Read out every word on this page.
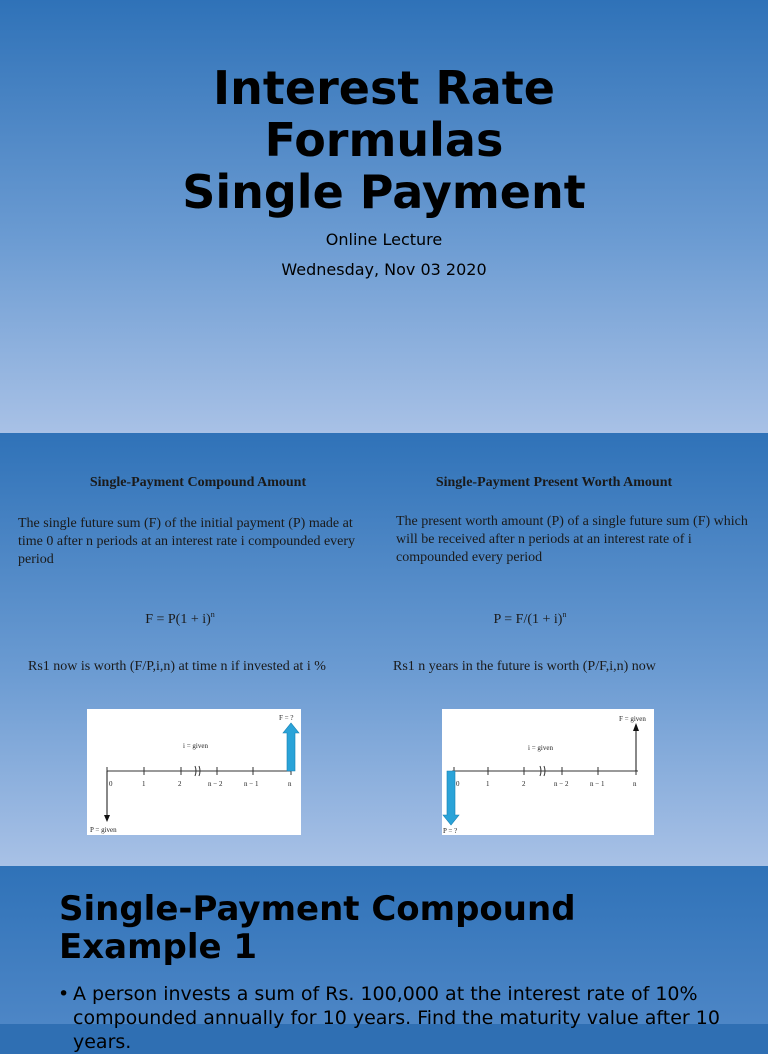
Interest Rate
Formulas
Single Payment
Online Lecture
Wednesday, Nov 03 2020
Single-Payment Compound Amount	Single-Payment Present Worth Amount
The single future sum (F) of the initial payment (P) made at time 0 after n periods at an interest rate i compounded every period
The present worth amount (P) of a single future sum (F) which will be received after n periods at an interest rate of i compounded every period
$F = P(1 + i)^n$	$P = F/(1 + i)^n$
Rs1 now is worth (F/P,i,n) at time n if invested at i %	Rs1 n years in the future is worth (P/F,i,n) now
0	1	2	n − 2	n − 1	n
i = given
P = given
F = ?
0	1	2	n − 2	n − 1	n
i = given
F = given
P = ?
Single-Payment Compound
Example 1
• A person invests a sum of Rs. 100,000 at the interest rate of 10% compounded annually for 10 years. Find the maturity value after 10 years.
